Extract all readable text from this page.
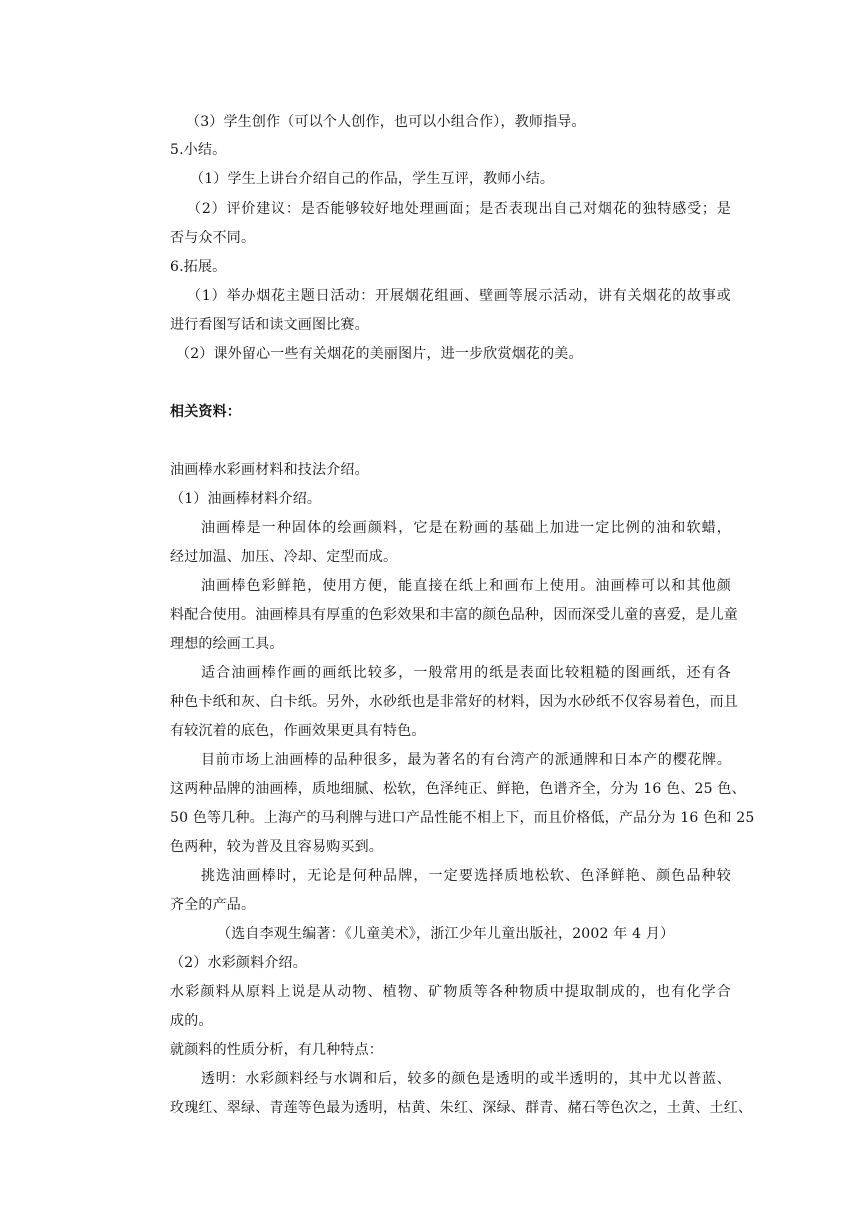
（3）学生创作（可以个人创作，也可以小组合作），教师指导。
5.小结。
（1）学生上讲台介绍自己的作品，学生互评，教师小结。
（2）评价建议：是否能够较好地处理画面；是否表现出自己对烟花的独特感受；是
否与众不同。
6.拓展。
（1）举办烟花主题日活动：开展烟花组画、壁画等展示活动，讲有关烟花的故事或
进行看图写话和读文画图比赛。
（2）课外留心一些有关烟花的美丽图片，进一步欣赏烟花的美。
相关资料：
油画棒水彩画材料和技法介绍。
（1）油画棒材料介绍。
油画棒是一种固体的绘画颜料，它是在粉画的基础上加进一定比例的油和软蜡，
经过加温、加压、冷却、定型而成。
油画棒色彩鲜艳，使用方便，能直接在纸上和画布上使用。油画棒可以和其他颜
料配合使用。油画棒具有厚重的色彩效果和丰富的颜色品种，因而深受儿童的喜爱，是儿童
理想的绘画工具。
适合油画棒作画的画纸比较多，一般常用的纸是表面比较粗糙的图画纸，还有各
种色卡纸和灰、白卡纸。另外，水砂纸也是非常好的材料，因为水砂纸不仅容易着色，而且
有较沉着的底色，作画效果更具有特色。
目前市场上油画棒的品种很多，最为著名的有台湾产的派通牌和日本产的樱花牌。
这两种品牌的油画棒，质地细腻、松软，色泽纯正、鲜艳，色谱齐全，分为 16 色、25 色、
50 色等几种。上海产的马利牌与进口产品性能不相上下，而且价格低，产品分为 16 色和 25
色两种，较为普及且容易购买到。
挑选油画棒时，无论是何种品牌，一定要选择质地松软、色泽鲜艳、颜色品种较
齐全的产品。
（选自李观生编著：《儿童美术》，浙江少年儿童出版社，2002 年 4 月）
（2）水彩颜料介绍。
水彩颜料从原料上说是从动物、植物、矿物质等各种物质中提取制成的，也有化学合
成的。
就颜料的性质分析，有几种特点：
透明：水彩颜料经与水调和后，较多的颜色是透明的或半透明的，其中尤以普蓝、
玫瑰红、翠绿、青莲等色最为透明，枯黄、朱红、深绿、群青、赭石等色次之，土黄、土红、
